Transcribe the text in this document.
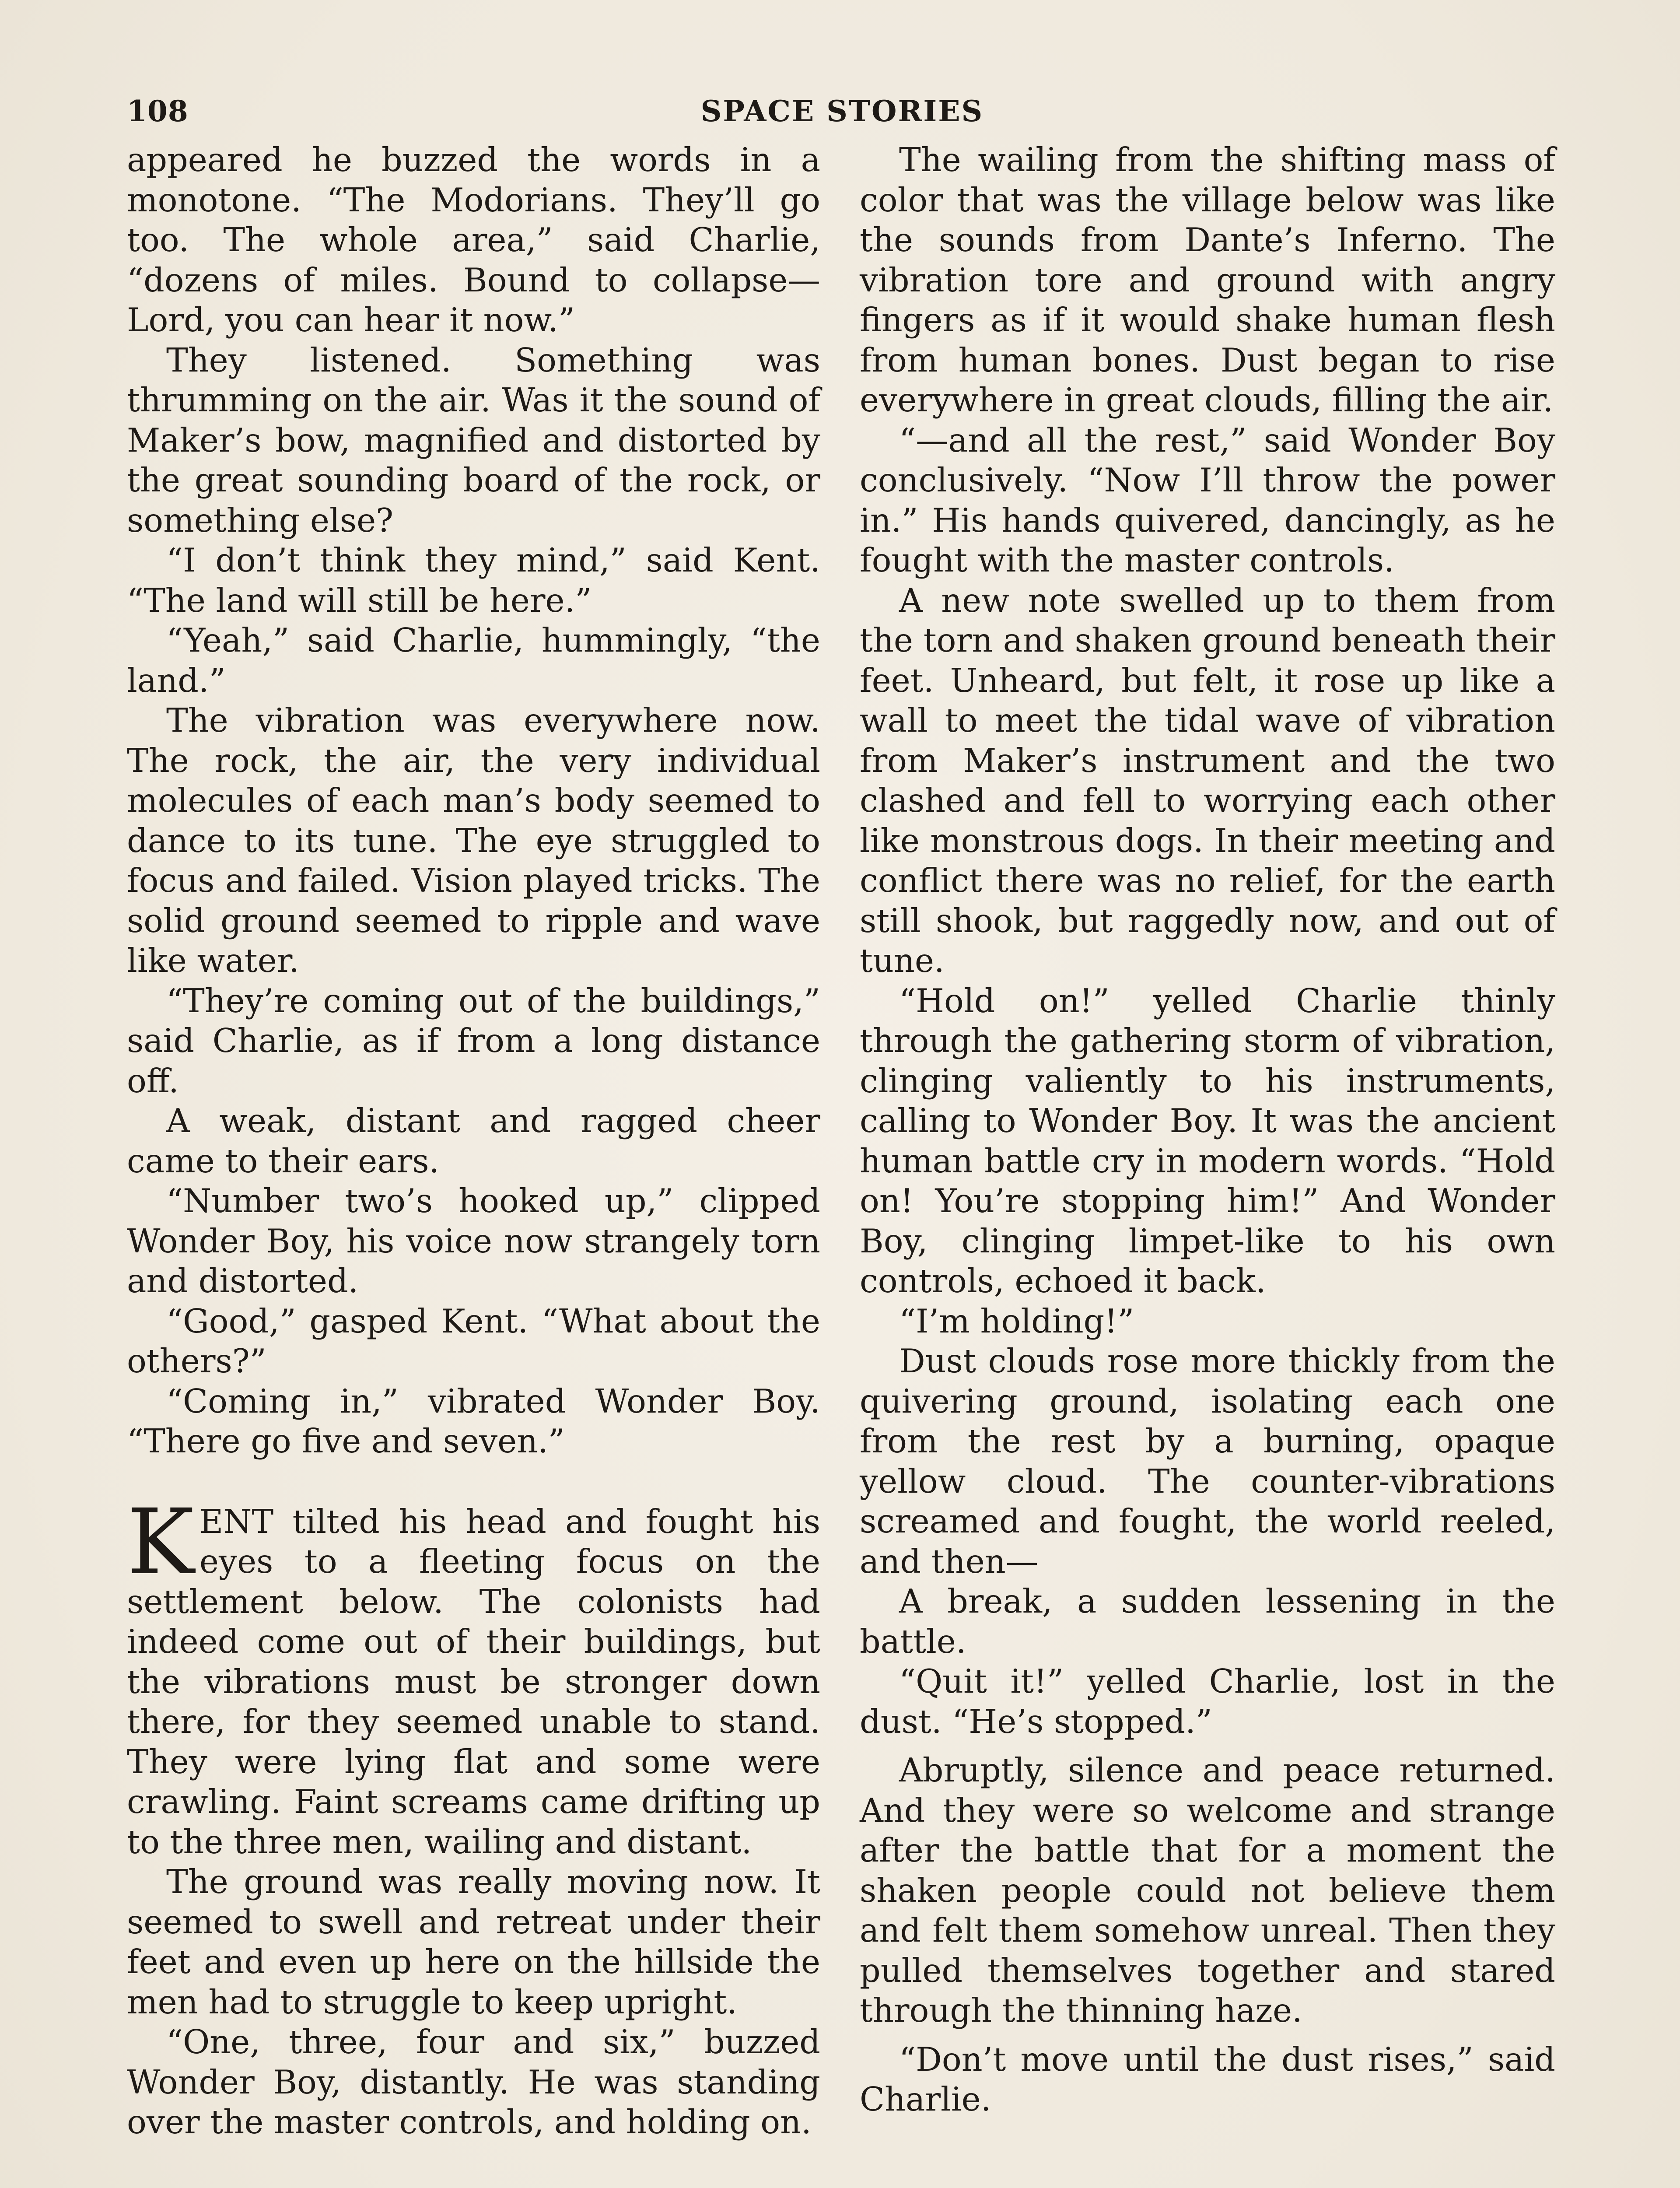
108	SPACE STORIES

appeared he buzzed the words in a monotone. “The Modorians. They’ll go too. The whole area,” said Charlie, “dozens of miles. Bound to collapse—Lord, you can hear it now.”

They listened. Something was thrumming on the air. Was it the sound of Maker’s bow, magnified and distorted by the great sounding board of the rock, or something else?

“I don’t think they mind,” said Kent. “The land will still be here.”

“Yeah,” said Charlie, hummingly, “the land.”

The vibration was everywhere now. The rock, the air, the very individual molecules of each man’s body seemed to dance to its tune. The eye struggled to focus and failed. Vision played tricks. The solid ground seemed to ripple and wave like water.

“They’re coming out of the buildings,” said Charlie, as if from a long distance off.

A weak, distant and ragged cheer came to their ears.

“Number two’s hooked up,” clipped Wonder Boy, his voice now strangely torn and distorted.

“Good,” gasped Kent. “What about the others?”

“Coming in,” vibrated Wonder Boy. “There go five and seven.”

KENT tilted his head and fought his eyes to a fleeting focus on the settlement below. The colonists had indeed come out of their buildings, but the vibrations must be stronger down there, for they seemed unable to stand. They were lying flat and some were crawling. Faint screams came drifting up to the three men, wailing and distant.

The ground was really moving now. It seemed to swell and retreat under their feet and even up here on the hillside the men had to struggle to keep upright.

“One, three, four and six,” buzzed Wonder Boy, distantly. He was standing over the master controls, and holding on.

The wailing from the shifting mass of color that was the village below was like the sounds from Dante’s Inferno. The vibration tore and ground with angry fingers as if it would shake human flesh from human bones. Dust began to rise everywhere in great clouds, filling the air.

“—and all the rest,” said Wonder Boy conclusively. “Now I’ll throw the power in.” His hands quivered, dancingly, as he fought with the master controls.

A new note swelled up to them from the torn and shaken ground beneath their feet. Unheard, but felt, it rose up like a wall to meet the tidal wave of vibration from Maker’s instrument and the two clashed and fell to worrying each other like monstrous dogs. In their meeting and conflict there was no relief, for the earth still shook, but raggedly now, and out of tune.

“Hold on!” yelled Charlie thinly through the gathering storm of vibration, clinging valiently to his instruments, calling to Wonder Boy. It was the ancient human battle cry in modern words. “Hold on! You’re stopping him!” And Wonder Boy, clinging limpet-like to his own controls, echoed it back.

“I’m holding!”

Dust clouds rose more thickly from the quivering ground, isolating each one from the rest by a burning, opaque yellow cloud. The counter-vibrations screamed and fought, the world reeled, and then—

A break, a sudden lessening in the battle.

“Quit it!” yelled Charlie, lost in the dust. “He’s stopped.”

Abruptly, silence and peace returned. And they were so welcome and strange after the battle that for a moment the shaken people could not believe them and felt them somehow unreal. Then they pulled themselves together and stared through the thinning haze.

“Don’t move until the dust rises,” said Charlie.
